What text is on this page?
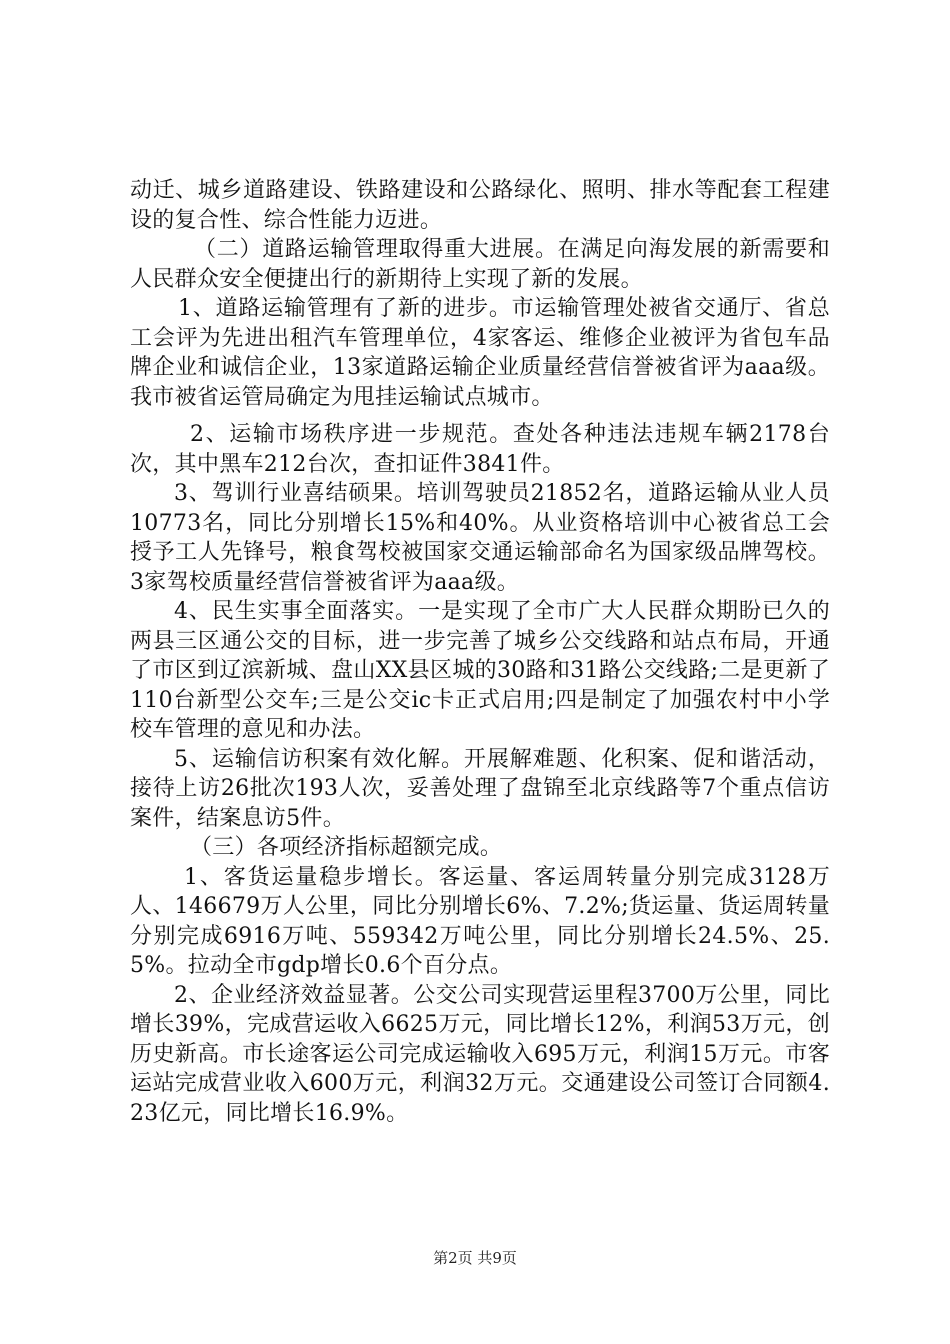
动迁、城乡道路建设、铁路建设和公路绿化、照明、排水等配套工程建设的复合性、综合性能力迈进。

（二）道路运输管理取得重大进展。在满足向海发展的新需要和人民群众安全便捷出行的新期待上实现了新的发展。

1、道路运输管理有了新的进步。市运输管理处被省交通厅、省总工会评为先进出租汽车管理单位，4家客运、维修企业被评为省包车品牌企业和诚信企业，13家道路运输企业质量经营信誉被省评为aaa级。我市被省运管局确定为甩挂运输试点城市。

2、运输市场秩序进一步规范。查处各种违法违规车辆2178台次，其中黑车212台次，查扣证件3841件。

3、驾训行业喜结硕果。培训驾驶员21852名，道路运输从业人员10773名，同比分别增长15%和40%。从业资格培训中心被省总工会授予工人先锋号，粮食驾校被国家交通运输部命名为国家级品牌驾校。3家驾校质量经营信誉被省评为aaa级。

4、民生实事全面落实。一是实现了全市广大人民群众期盼已久的两县三区通公交的目标，进一步完善了城乡公交线路和站点布局，开通了市区到辽滨新城、盘山XX县区城的30路和31路公交线路;二是更新了110台新型公交车;三是公交ic卡正式启用;四是制定了加强农村中小学校车管理的意见和办法。

5、运输信访积案有效化解。开展解难题、化积案、促和谐活动，接待上访26批次193人次，妥善处理了盘锦至北京线路等7个重点信访案件，结案息访5件。

（三）各项经济指标超额完成。

1、客货运量稳步增长。客运量、客运周转量分别完成3128万人、146679万人公里，同比分别增长6%、7.2%;货运量、货运周转量分别完成6916万吨、559342万吨公里，同比分别增长24.5%、25.5%。拉动全市gdp增长0.6个百分点。

2、企业经济效益显著。公交公司实现营运里程3700万公里，同比增长39%，完成营运收入6625万元，同比增长12%，利润53万元，创历史新高。市长途客运公司完成运输收入695万元，利润15万元。市客运站完成营业收入600万元，利润32万元。交通建设公司签订合同额4.23亿元，同比增长16.9%。

第2页 共9页
